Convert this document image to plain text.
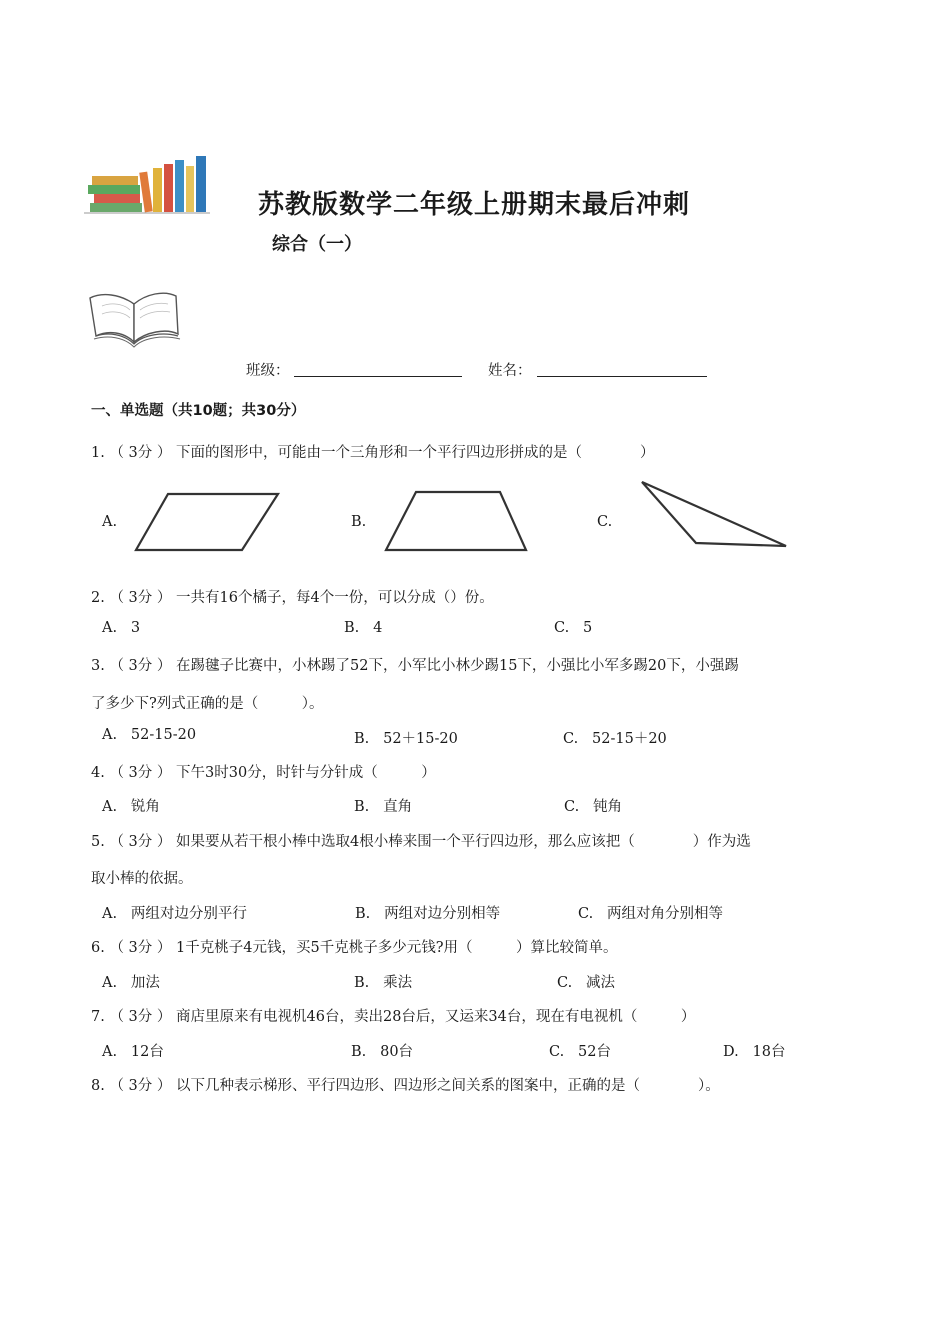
苏教版数学二年级上册期末最后冲刺
综合（一）
班级：	姓名：
一、单选题（共10题；共30分）
1. （ 3分 ） 下面的图形中，可能由一个三角形和一个平行四边形拼成的是（　　　　）
A.	B.	C.
2. （ 3分 ） 一共有16个橘子，每4个一份，可以分成（）份。
A. 3	B. 4	C. 5
3. （ 3分 ） 在踢毽子比赛中，小林踢了52下，小军比小林少踢15下，小强比小军多踢20下，小强踢
了多少下?列式正确的是（　　　）。
A. 52-15-20	B. 52＋15-20	C. 52-15＋20
4. （ 3分 ） 下午3时30分，时针与分针成（　　　）
A. 锐角	B. 直角	C. 钝角
5. （ 3分 ） 如果要从若干根小棒中选取4根小棒来围一个平行四边形，那么应该把（　　　　）作为选
取小棒的依据。
A. 两组对边分别平行	B. 两组对边分别相等	C. 两组对角分别相等
6. （ 3分 ） 1千克桃子4元钱，买5千克桃子多少元钱?用（　　　）算比较简单。
A. 加法	B. 乘法	C. 减法
7. （ 3分 ） 商店里原来有电视机46台，卖出28台后，又运来34台，现在有电视机（　　　）
A. 12台	B. 80台	C. 52台	D. 18台
8. （ 3分 ） 以下几种表示梯形、平行四边形、四边形之间关系的图案中，正确的是（　　　　）。
